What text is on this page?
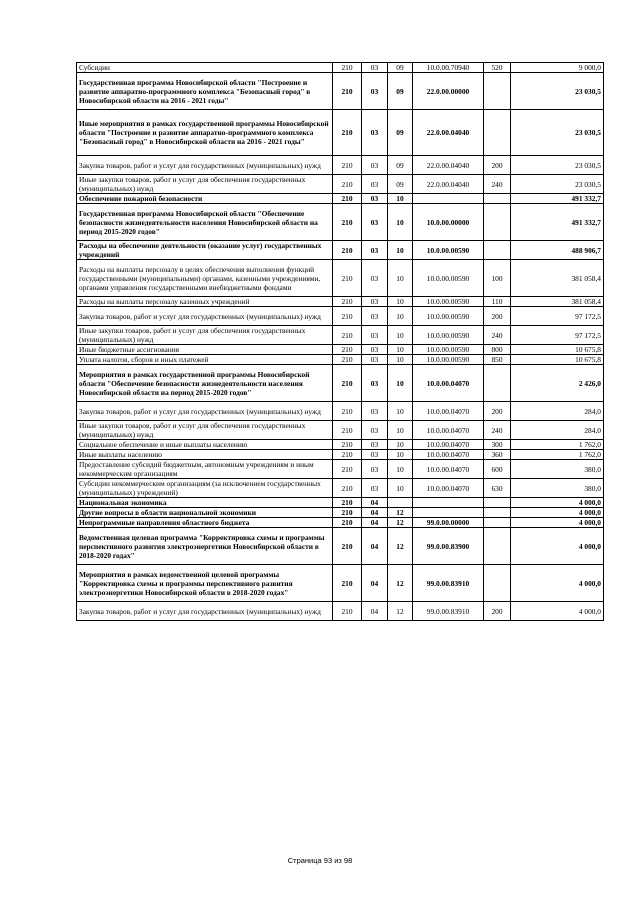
Субсидии	210	03	09	10.0.00.70940	520	9 000,0
Государственная программа Новосибирской области "Построение и развитие аппаратно-программного комплекса "Безопасный город" в Новосибирской области на 2016 - 2021 годы"	210	03	09	22.0.00.00000		23 030,5
Иные мероприятия в рамках государственной программы Новосибирской области "Построение и развитие аппаратно-программного комплекса "Безопасный город" в Новосибирской области на 2016 - 2021 годы"	210	03	09	22.0.00.04040		23 030,5
Закупка товаров, работ и услуг для государственных (муниципальных) нужд	210	03	09	22.0.00.04040	200	23 030,5
Иные закупки товаров, работ и услуг для обеспечения государственных (муниципальных) нужд	210	03	09	22.0.00.04040	240	23 030,5
Обеспечение пожарной безопасности	210	03	10			491 332,7
Государственная программа Новосибирской области "Обеспечение безопасности жизнедеятельности населения Новосибирской области на период 2015-2020 годов"	210	03	10	10.0.00.00000		491 332,7
Расходы на обеспечение деятельности (оказание услуг) государственных учреждений	210	03	10	10.0.00.00590		488 906,7
Расходы на выплаты персоналу в целях обеспечения выполнения функций государственными (муниципальными) органами, казенными учреждениями, органами управления государственными внебюджетными фондами	210	03	10	10.0.00.00590	100	381 058,4
Расходы на выплаты персоналу казенных учреждений	210	03	10	10.0.00.00590	110	381 058,4
Закупка товаров, работ и услуг для государственных (муниципальных) нужд	210	03	10	10.0.00.00590	200	97 172,5
Иные закупки товаров, работ и услуг для обеспечения государственных (муниципальных) нужд	210	03	10	10.0.00.00590	240	97 172,5
Иные бюджетные ассигнования	210	03	10	10.0.00.00590	800	10 675,8
Уплата налогов, сборов и иных платежей	210	03	10	10.0.00.00590	850	10 675,8
Мероприятия в рамках государственной программы Новосибирской области "Обеспечение безопасности жизнедеятельности населения Новосибирской области на период 2015-2020 годов"	210	03	10	10.0.00.04070		2 426,0
Закупка товаров, работ и услуг для государственных (муниципальных) нужд	210	03	10	10.0.00.04070	200	284,0
Иные закупки товаров, работ и услуг для обеспечения государственных (муниципальных) нужд	210	03	10	10.0.00.04070	240	284,0
Социальное обеспечение и иные выплаты населению	210	03	10	10.0.00.04070	300	1 762,0
Иные выплаты населению	210	03	10	10.0.00.04070	360	1 762,0
Предоставление субсидий бюджетным, автономным учреждениям и иным некоммерческим организациям	210	03	10	10.0.00.04070	600	380,0
Субсидии некоммерческим организациям (за исключением государственных (муниципальных) учреждений)	210	03	10	10.0.00.04070	630	380,0
Национальная экономика	210	04				4 000,0
Другие вопросы в области национальной экономики	210	04	12			4 000,0
Непрограммные направления областного бюджета	210	04	12	99.0.00.00000		4 000,0
Ведомственная целевая программа "Корректировка схемы и программы перспективного развития электроэнергетики Новосибирской области в 2018-2020 годах"	210	04	12	99.0.00.83900		4 000,0
Мероприятия в рамках ведомственной целевой программы "Корректировка схемы и программы перспективного развития электроэнергетики Новосибирской области в 2018-2020 годах"	210	04	12	99.0.00.83910		4 000,0
Закупка товаров, работ и услуг для государственных (муниципальных) нужд	210	04	12	99.0.00.83910	200	4 000,0
Страница 93 из 98
